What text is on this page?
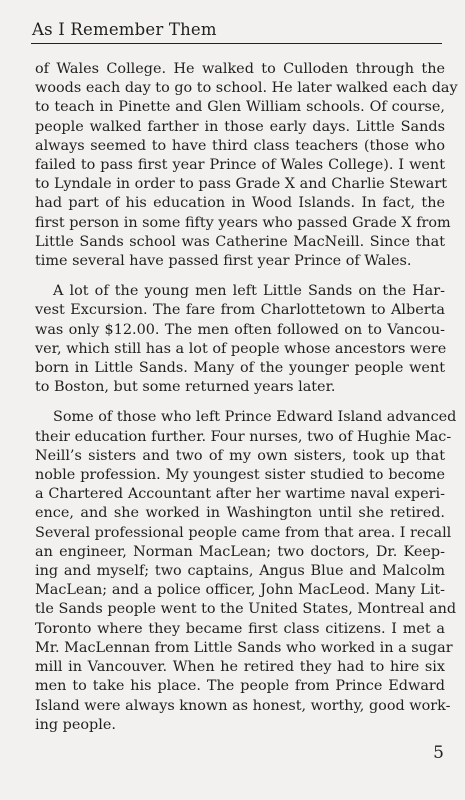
As I Remember Them
of Wales College. He walked to Culloden through the
woods each day to go to school. He later walked each day
to teach in Pinette and Glen William schools. Of course,
people walked farther in those early days. Little Sands
always seemed to have third class teachers (those who
failed to pass first year Prince of Wales College). I went
to Lyndale in order to pass Grade X and Charlie Stewart
had part of his education in Wood Islands. In fact, the
first person in some fifty years who passed Grade X from
Little Sands school was Catherine MacNeill. Since that
time several have passed first year Prince of Wales.
A lot of the young men left Little Sands on the Har-
vest Excursion. The fare from Charlottetown to Alberta
was only $12.00. The men often followed on to Vancou-
ver, which still has a lot of people whose ancestors were
born in Little Sands. Many of the younger people went
to Boston, but some returned years later.
Some of those who left Prince Edward Island advanced
their education further. Four nurses, two of Hughie Mac-
Neill’s sisters and two of my own sisters, took up that
noble profession. My youngest sister studied to become
a Chartered Accountant after her wartime naval experi-
ence, and she worked in Washington until she retired.
Several professional people came from that area. I recall
an engineer, Norman MacLean; two doctors, Dr. Keep-
ing and myself; two captains, Angus Blue and Malcolm
MacLean; and a police officer, John MacLeod. Many Lit-
tle Sands people went to the United States, Montreal and
Toronto where they became first class citizens. I met a
Mr. MacLennan from Little Sands who worked in a sugar
mill in Vancouver. When he retired they had to hire six
men to take his place. The people from Prince Edward
Island were always known as honest, worthy, good work-
ing people.
5
